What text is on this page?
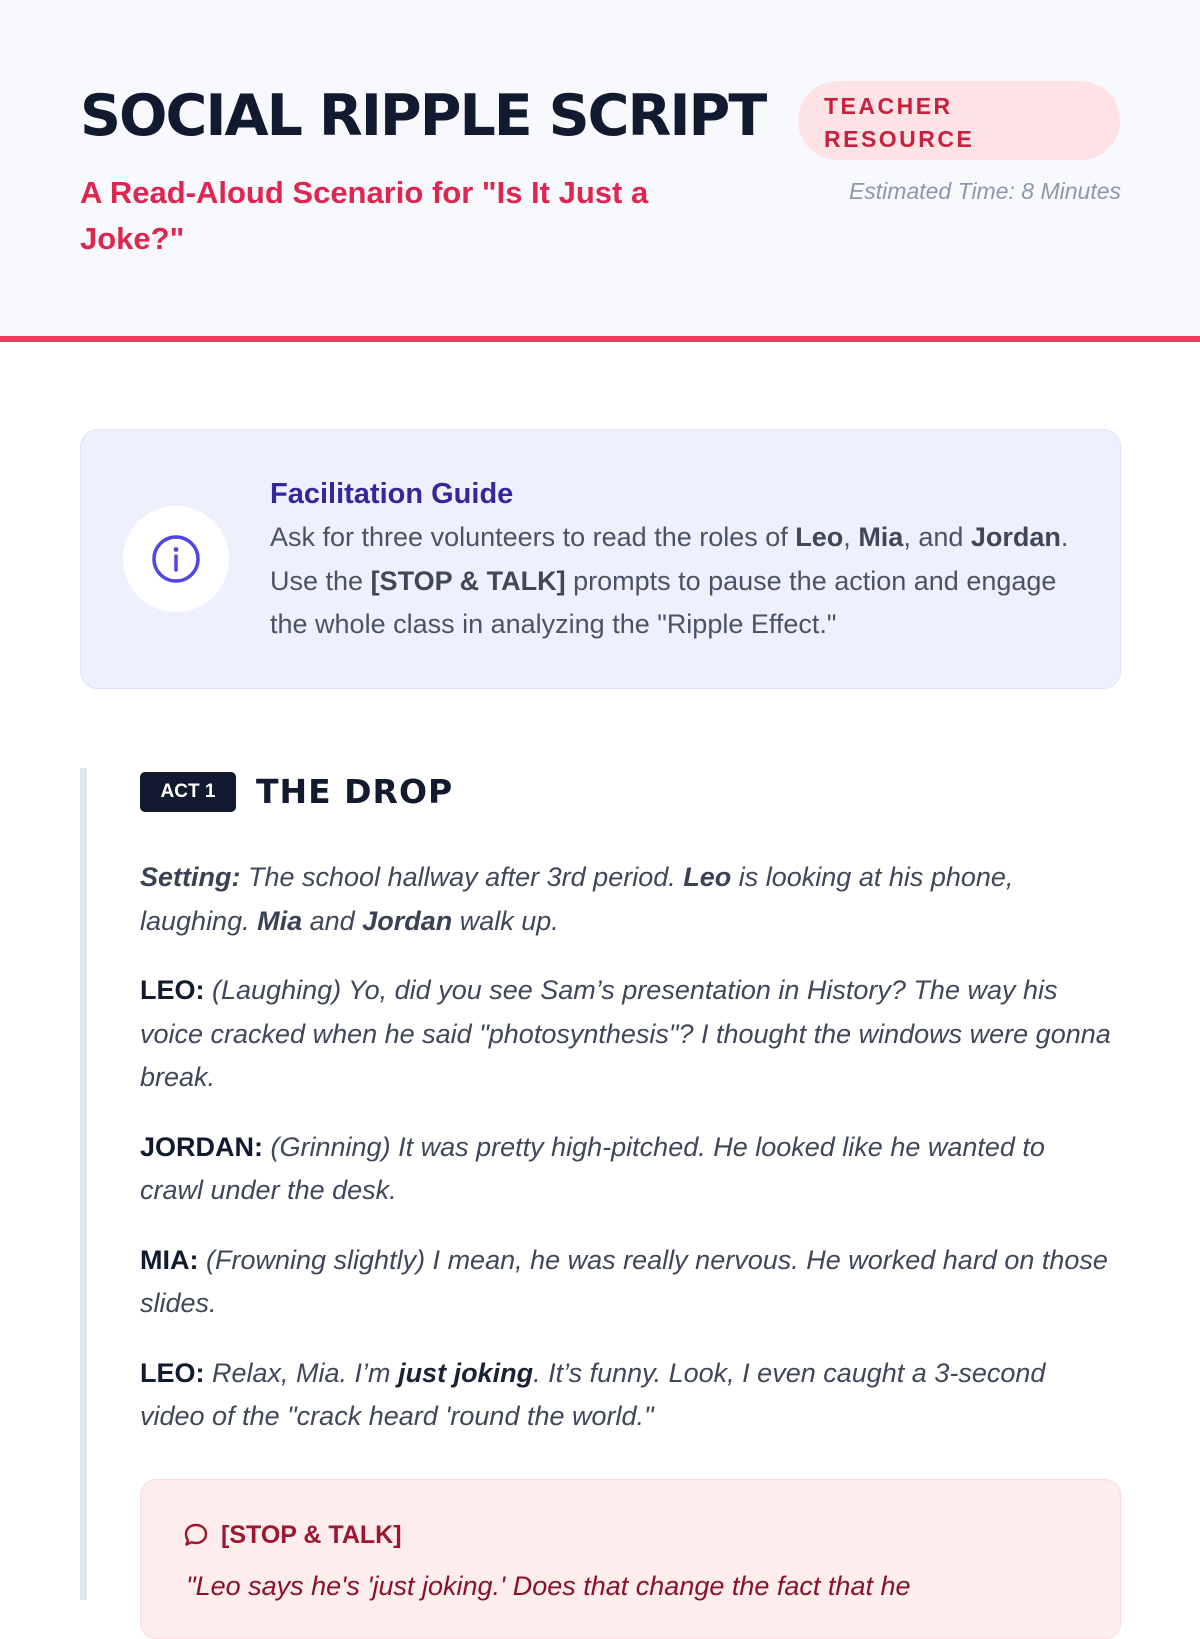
SOCIAL RIPPLE SCRIPT	TEACHER
RESOURCE
A Read-Aloud Scenario for "Is It Just a Joke?"
Estimated Time: 8 Minutes
Facilitation Guide
Ask for three volunteers to read the roles of Leo, Mia, and Jordan. Use the [STOP & TALK] prompts to pause the action and engage the whole class in analyzing the "Ripple Effect."
ACT 1	THE DROP

Setting: The school hallway after 3rd period. Leo is looking at his phone, laughing. Mia and Jordan walk up.

LEO: (Laughing) Yo, did you see Sam’s presentation in History? The way his voice cracked when he said "photosynthesis"? I thought the windows were gonna break.

JORDAN: (Grinning) It was pretty high-pitched. He looked like he wanted to crawl under the desk.

MIA: (Frowning slightly) I mean, he was really nervous. He worked hard on those slides.

LEO: Relax, Mia. I’m just joking. It’s funny. Look, I even caught a 3-second video of the "crack heard 'round the world."

[STOP & TALK]
"Leo says he's 'just joking.' Does that change the fact that he
